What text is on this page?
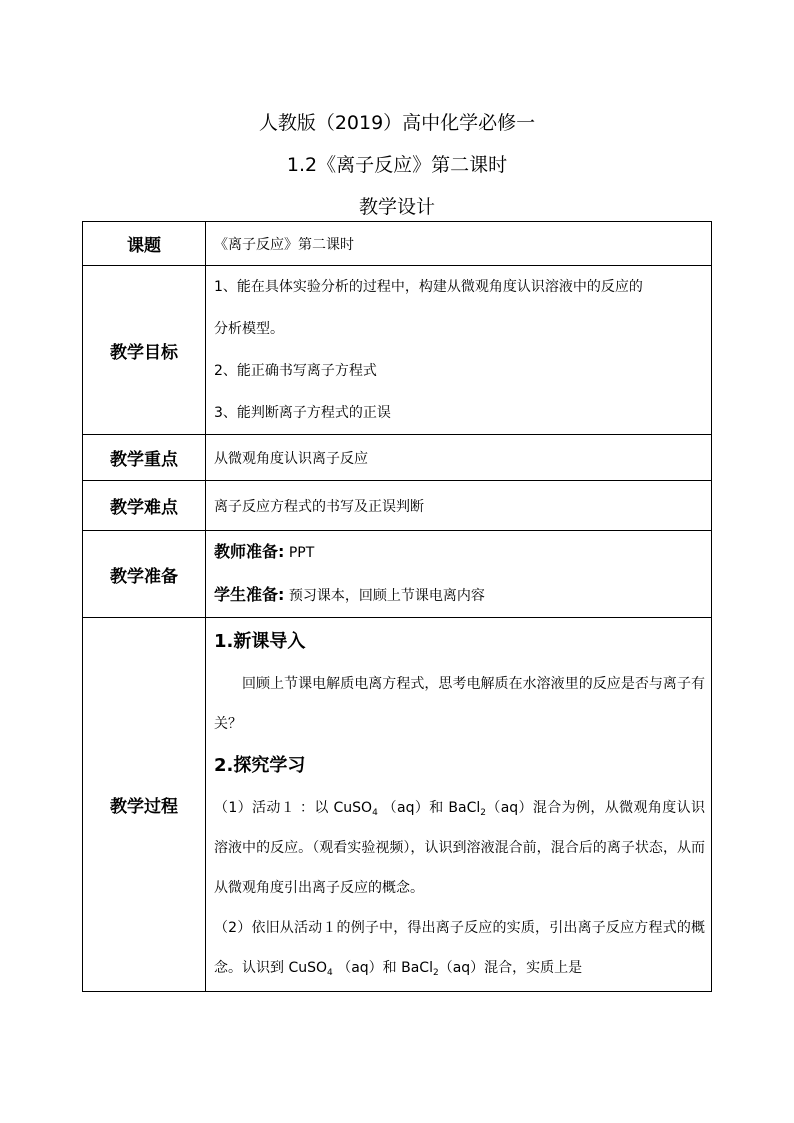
人教版（2019）高中化学必修一
1.2《离子反应》第二课时
教学设计
课题	《离子反应》第二课时

教学目标	1、能在具体实验分析的过程中，构建从微观角度认识溶液中的反应的
分析模型。
2、能正确书写离子方程式
3、能判断离子方程式的正误

教学重点	从微观角度认识离子反应

教学难点	离子反应方程式的书写及正误判断

教学准备	教师准备: PPT
学生准备: 预习课本，回顾上节课电离内容

教学过程	1.新课导入
回顾上节课电解质电离方程式，思考电解质在水溶液里的反应是否与离子有关？
2.探究学习
（1）活动１ ：以 CuSO$_4$ （aq）和 BaCl$_2$（aq）混合为例，从微观角度认识溶液中的反应。（观看实验视频），认识到溶液混合前，混合后的离子状态，从而从微观角度引出离子反应的概念。
（2）依旧从活动１的例子中，得出离子反应的实质，引出离子反应方程式的概念。认识到 CuSO$_4$ （aq）和 BaCl$_2$（aq）混合，实质上是
